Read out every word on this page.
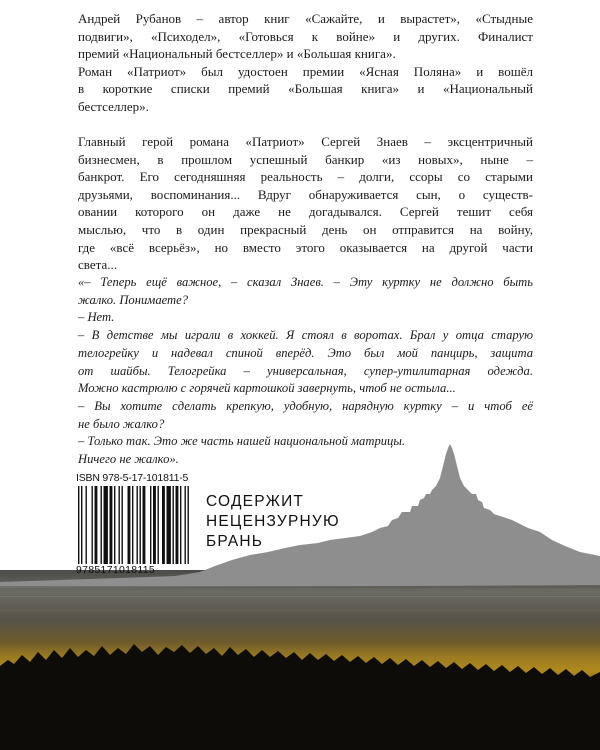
Андрей Рубанов – автор книг «Сажайте, и вырастет», «Стыдные
подвиги», «Психодел», «Готовься к войне» и других. Финалист
премий «Национальный бестселлер» и «Большая книга».
Роман «Патриот» был удостоен премии «Ясная Поляна» и вошёл
в короткие списки премий «Большая книга» и «Национальный
бестселлер».

Главный герой романа «Патриот» Сергей Знаев – эксцентричный
бизнесмен, в прошлом успешный банкир «из новых», ныне –
банкрот. Его сегодняшняя реальность – долги, ссоры со старыми
друзьями, воспоминания... Вдруг обнаруживается сын, о существ-
овании которого он даже не догадывался. Сергей тешит себя
мыслью, что в один прекрасный день он отправится на войну,
где «всё всерьёз», но вместо этого оказывается на другой части
света...

«– Теперь ещё важное, – сказал Знаев. – Эту куртку не должно быть
жалко. Понимаете?
– Нет.
– В детстве мы играли в хоккей. Я стоял в воротах. Брал у отца старую
телогрейку и надевал спиной вперёд. Это был мой панцирь, защита
от шайбы. Телогрейка – универсальная, супер-утилитарная одежда.
Можно кастрюлю с горячей картошкой завернуть, чтоб не остыла...
– Вы хотите сделать крепкую, удобную, нарядную куртку – и чтоб её
не было жалко?
– Только так. Это же часть нашей национальной матрицы.
Ничего не жалко».

ISBN 978-5-17-101811-5
9785171018115
СОДЕРЖИТ
НЕЦЕНЗУРНУЮ
БРАНЬ
